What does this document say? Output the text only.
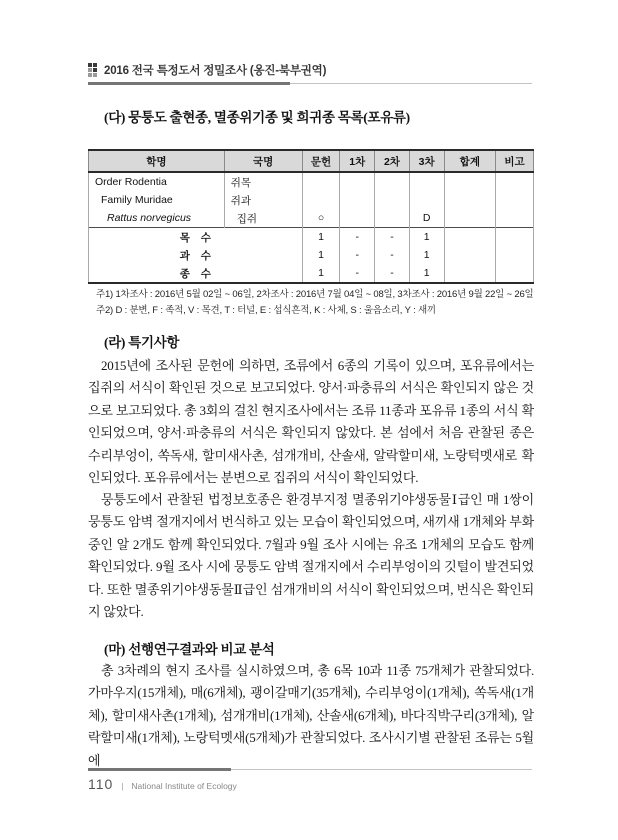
2016 전국 특정도서 정밀조사 (옹진-북부권역)
(다) 뭉퉁도 출현종, 멸종위기종 및 희귀종 목록(포유류)
학명	국명	문헌	1차	2차	3차	합계	비고
Order Rodentia	쥐목						
Family Muridae	쥐과						
Rattus norvegicus	집쥐	○			D		
목 수		1	-	-	1		
과 수		1	-	-	1		
종 수		1	-	-	1		
주1) 1차조사 : 2016년 5월 02일 ~ 06일, 2차조사 : 2016년 7월 04일 ~ 08일, 3차조사 : 2016년 9월 22일 ~ 26일
주2) D : 분변, F : 족적, V : 목견, T : 터널, E : 섭식흔적, K : 사체, S : 울음소리, Y : 새끼
(라) 특기사항
2015년에 조사된 문헌에 의하면, 조류에서 6종의 기록이 있으며, 포유류에서는 집쥐의 서식이 확인된 것으로 보고되었다. 양서·파충류의 서식은 확인되지 않은 것으로 보고되었다. 총 3회의 걸친 현지조사에서는 조류 11종과 포유류 1종의 서식 확인되었으며, 양서·파충류의 서식은 확인되지 않았다. 본 섬에서 처음 관찰된 종은 수리부엉이, 쏙독새, 할미새사촌, 섬개개비, 산솔새, 알락할미새, 노랑턱멧새로 확인되었다. 포유류에서는 분변으로 집쥐의 서식이 확인되었다.
뭉퉁도에서 관찰된 법정보호종은 환경부지정 멸종위기야생동물Ⅰ급인 매 1쌍이 뭉퉁도 암벽 절개지에서 번식하고 있는 모습이 확인되었으며, 새끼새 1개체와 부화 중인 알 2개도 함께 확인되었다. 7월과 9월 조사 시에는 유조 1개체의 모습도 함께 확인되었다. 9월 조사 시에 뭉퉁도 암벽 절개지에서 수리부엉이의 깃털이 발견되었다. 또한 멸종위기야생동물Ⅱ급인 섬개개비의 서식이 확인되었으며, 번식은 확인되지 않았다.
(마) 선행연구결과와 비교 분석
총 3차례의 현지 조사를 실시하였으며, 총 6목 10과 11종 75개체가 관찰되었다. 가마우지(15개체), 매(6개체), 괭이갈매기(35개체), 수리부엉이(1개체), 쏙독새(1개체), 할미새사촌(1개체), 섬개개비(1개체), 산솔새(6개체), 바다직박구리(3개체), 알락할미새(1개체), 노랑턱멧새(5개체)가 관찰되었다. 조사시기별 관찰된 조류는 5월에
110 | National Institute of Ecology
